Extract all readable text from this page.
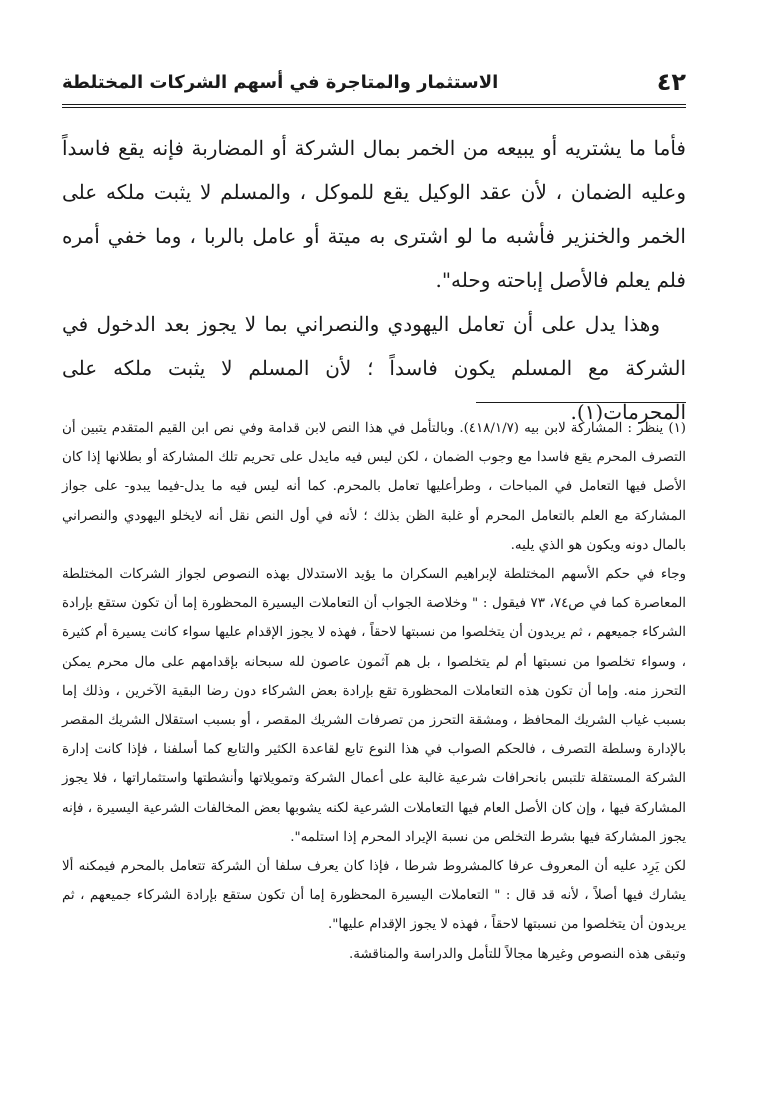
٤٢
الاستثمار والمتاجرة في أسهم الشركات المختلطة

فأما ما يشتريه أو يبيعه من الخمر بمال الشركة أو المضاربة فإنه يقع فاسداً وعليه الضمان ، لأن عقد الوكيل يقع للموكل ، والمسلم لا يثبت ملكه على الخمر والخنزير فأشبه ما لو اشترى به ميتة أو عامل بالربا ، وما خفي أمره فلم يعلم فالأصل إباحته وحله".

وهذا يدل على أن تعامل اليهودي والنصراني بما لا يجوز بعد الدخول في الشركة مع المسلم يكون فاسداً ؛ لأن المسلم لا يثبت ملكه على المحرمات(١).

(١) ينظر : المشاركة لابن بيه (٤١٨/١/٧). وبالتأمل في هذا النص لابن قدامة وفي نص ابن القيم المتقدم يتبين أن التصرف المحرم يقع فاسدا مع وجوب الضمان ، لكن ليس فيه مايدل على تحريم تلك المشاركة أو بطلانها إذا كان الأصل فيها التعامل في المباحات ، وطرأعليها تعامل بالمحرم. كما أنه ليس فيه ما يدل-فيما يبدو- على جواز المشاركة مع العلم بالتعامل المحرم أو غلبة الظن بذلك ؛ لأنه في أول النص نقل أنه لايخلو اليهودي والنصراني بالمال دونه ويكون هو الذي يليه.

وجاء في حكم الأسهم المختلطة لإبراهيم السكران ما يؤيد الاستدلال بهذه النصوص لجواز الشركات المختلطة المعاصرة كما في ص٧٤، ٧٣ فيقول : " وخلاصة الجواب أن التعاملات اليسيرة المحظورة إما أن تكون ستقع بإرادة الشركاء جميعهم ، ثم يريدون أن يتخلصوا من نسبتها لاحقاً ، فهذه لا يجوز الإقدام عليها سواء كانت يسيرة أم كثيرة ، وسواء تخلصوا من نسبتها أم لم يتخلصوا ، بل هم آثمون عاصون لله سبحانه بإقدامهم على مال محرم يمكن التحرز منه. وإما أن تكون هذه التعاملات المحظورة تقع بإرادة بعض الشركاء دون رضا البقية الآخرين ، وذلك إما بسبب غياب الشريك المحافظ ، ومشقة التحرز من تصرفات الشريك المقصر ، أو بسبب استقلال الشريك المقصر بالإدارة وسلطة التصرف ، فالحكم الصواب في هذا النوع تابع لقاعدة الكثير والتابع كما أسلفنا ، فإذا كانت إدارة الشركة المستقلة تلتبس بانحرافات شرعية غالبة على أعمال الشركة وتمويلاتها وأنشطتها واستثماراتها ، فلا يجوز المشاركة فيها ، وإن كان الأصل العام فيها التعاملات الشرعية لكنه يشوبها بعض المخالفات الشرعية اليسيرة ، فإنه يجوز المشاركة فيها بشرط التخلص من نسبة الإيراد المحرم إذا استلمه".

لكن يَرِد عليه أن المعروف عرفا كالمشروط شرطا ، فإذا كان يعرف سلفا أن الشركة تتعامل بالمحرم فيمكنه ألا يشارك فيها أصلاً ، لأنه قد قال : " التعاملات اليسيرة المحظورة إما أن تكون ستقع بإرادة الشركاء جميعهم ، ثم يريدون أن يتخلصوا من نسبتها لاحقاً ، فهذه لا يجوز الإقدام عليها".

وتبقى هذه النصوص وغيرها مجالاً للتأمل والدراسة والمناقشة.
